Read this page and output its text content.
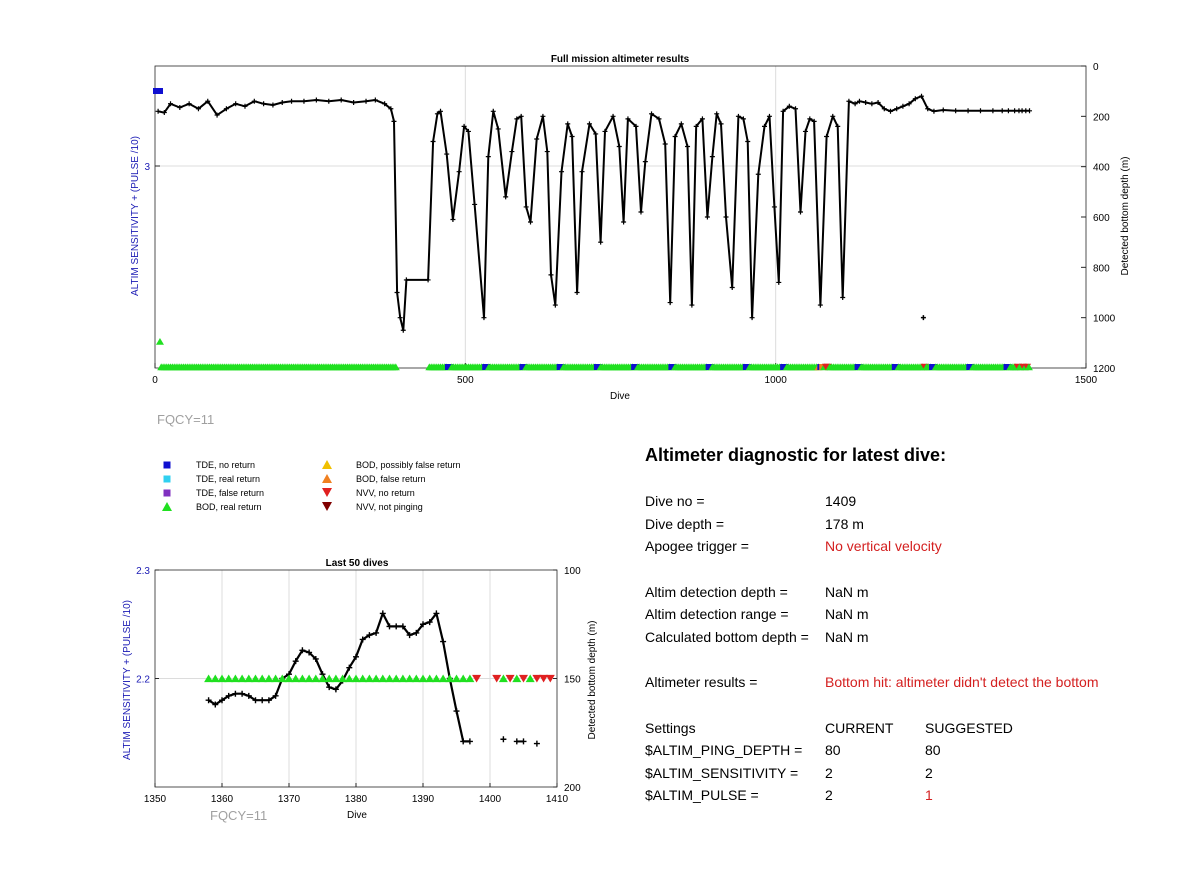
0	500	1000	1500
0
200
400
600
800
1000
1200
3
Full mission altimeter results
Dive
ALTIM SENSITIVITY + (PULSE /10)	Detected bottom depth (m)
FQCY=11
TDE, no return
TDE, real return
TDE, false return
BOD, real return
BOD, possibly false return
BOD, false return
NVV, no return
NVV, not pinging
1350	1360	1370	1380	1390	1400	1410
100
150
200
2.3
2.2
Last 50 dives
Dive
ALTIM SENSITIVITY + (PULSE /10)	Detected bottom depth (m)
FQCY=11
Altimeter diagnostic for latest dive:
Dive no =	1409
Dive depth =	178 m
Apogee trigger =	No vertical velocity
Altim detection depth =	NaN m
Altim detection range =	NaN m
Calculated bottom depth =	NaN m
Altimeter results =	Bottom hit: altimeter didn't detect the bottom
Settings	CURRENT	SUGGESTED
$ALTIM_PING_DEPTH =	80	80
$ALTIM_SENSITIVITY =	2	2
$ALTIM_PULSE =	2	1
